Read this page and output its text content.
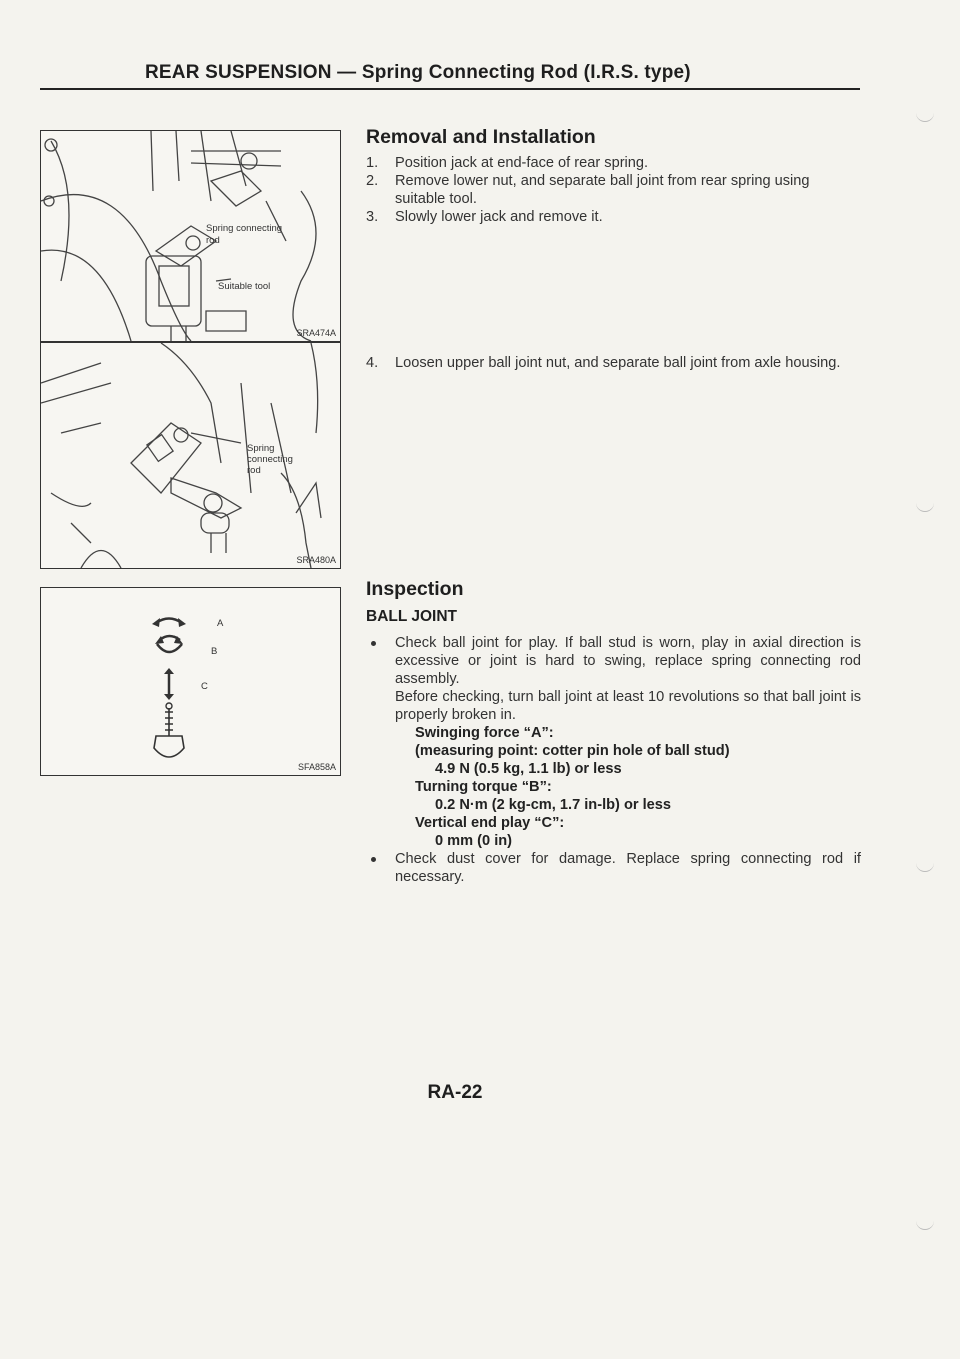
REAR SUSPENSION — Spring Connecting Rod (I.R.S. type)
Spring connecting
rod
Suitable tool
SRA474A
Spring
connecting
rod
SRA480A
A
B
C
SFA858A
Removal and Installation
1. Position jack at end-face of rear spring.
2. Remove lower nut, and separate ball joint from rear spring using suitable tool.
3. Slowly lower jack and remove it.
4. Loosen upper ball joint nut, and separate ball joint from axle housing.
Inspection
BALL JOINT
Check ball joint for play. If ball stud is worn, play in axial direction is excessive or joint is hard to swing, replace spring connecting rod assembly.
Before checking, turn ball joint at least 10 revolutions so that ball joint is properly broken in.
Swinging force “A”:
(measuring point: cotter pin hole of ball stud)
4.9 N (0.5 kg, 1.1 lb) or less
Turning torque “B”:
0.2 N·m (2 kg-cm, 1.7 in-lb) or less
Vertical end play “C”:
0 mm (0 in)
Check dust cover for damage. Replace spring connecting rod if necessary.
RA-22
